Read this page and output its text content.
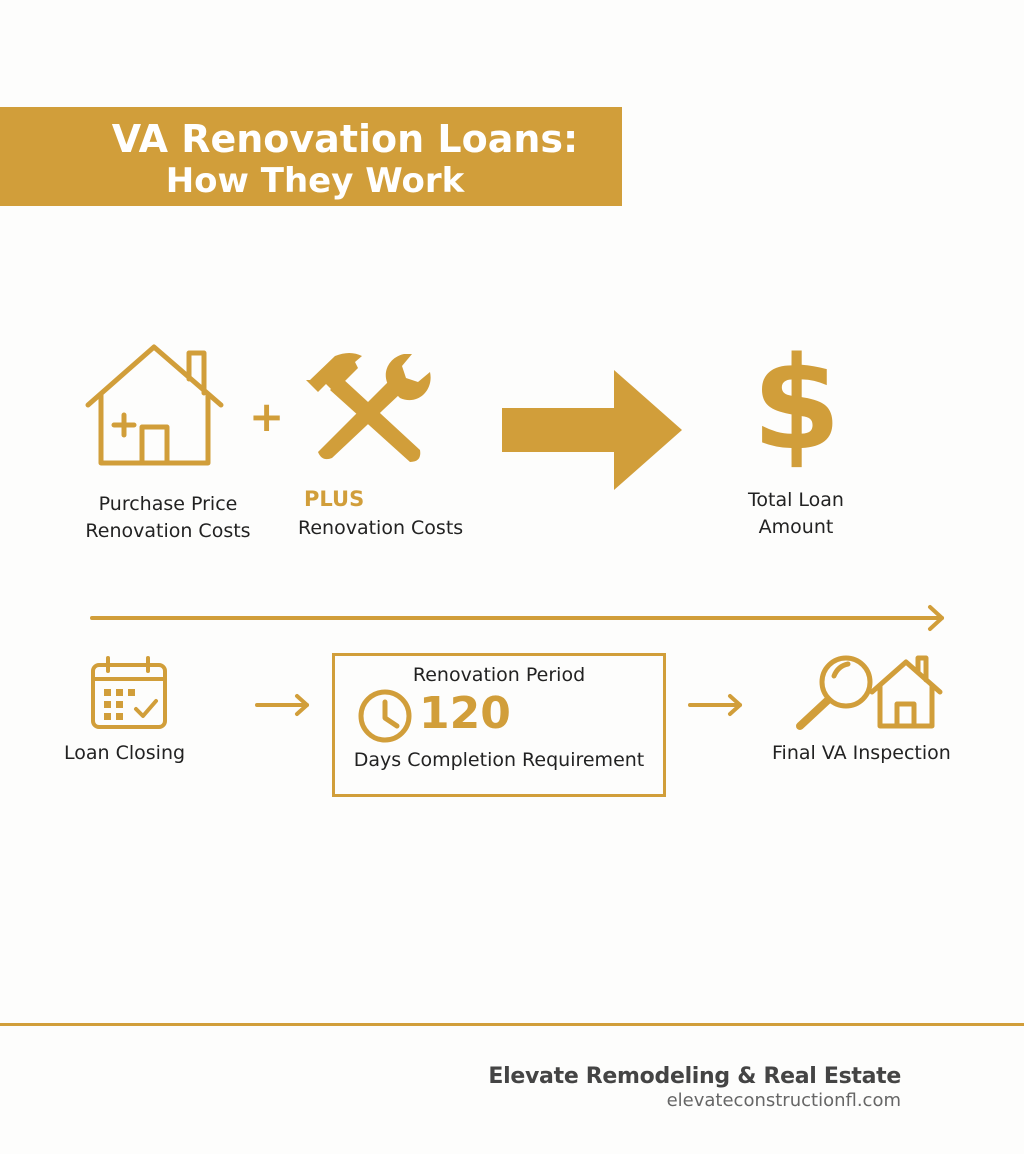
VA Renovation Loans:
How They Work
+
Purchase Price
Renovation Costs
PLUS
Renovation Costs
$
Total Loan
Amount
Loan Closing
Renovation Period
120
Days Completion Requirement	Final VA Inspection
Elevate Remodeling & Real Estate
elevateconstructionfl.com
